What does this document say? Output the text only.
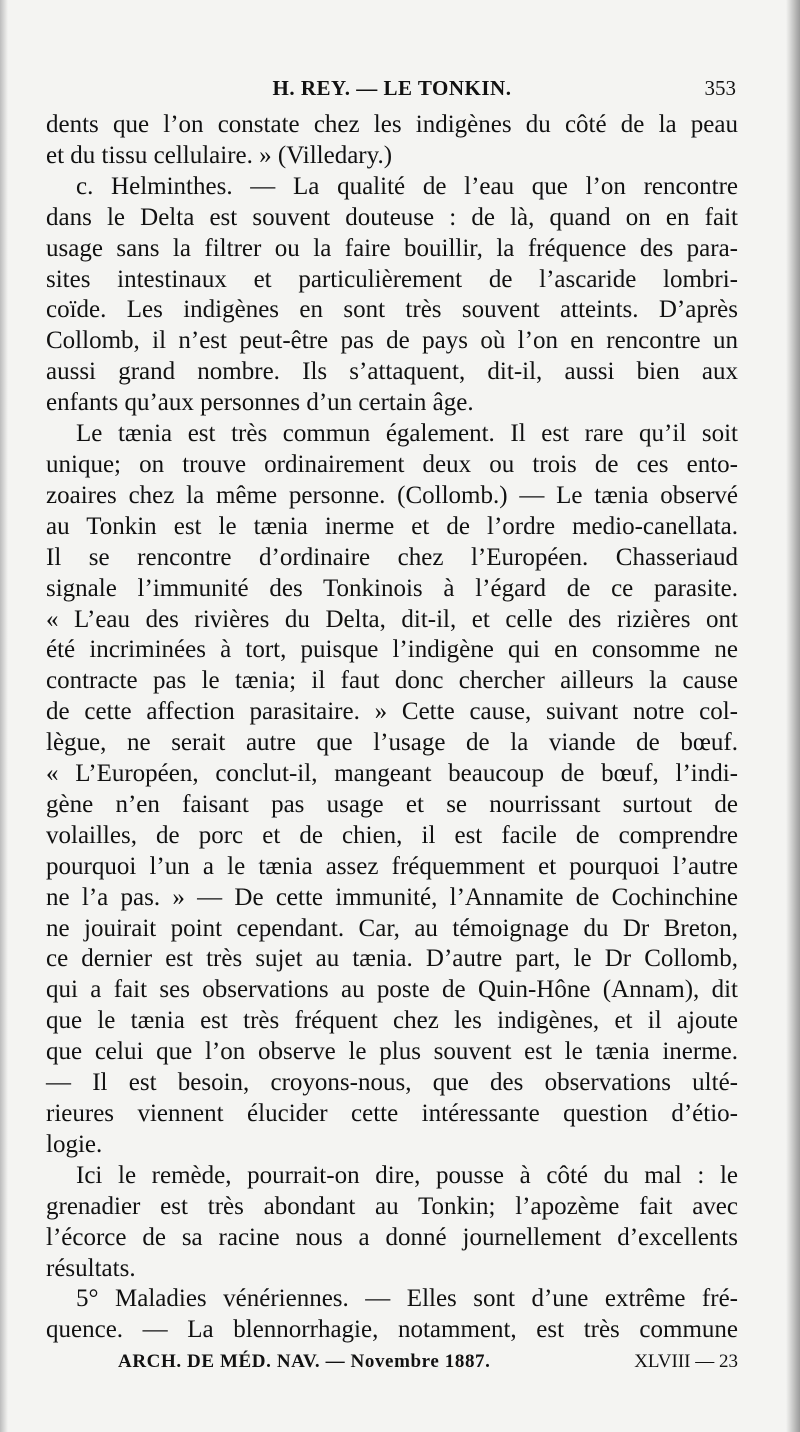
H. REY. — LE TONKIN.	353
dents que l’on constate chez les indigènes du côté de la peau
et du tissu cellulaire. » (Villedary.)
c. Helminthes. — La qualité de l’eau que l’on rencontre
dans le Delta est souvent douteuse : de là, quand on en fait
usage sans la filtrer ou la faire bouillir, la fréquence des para-
sites intestinaux et particulièrement de l’ascaride lombri-
coïde. Les indigènes en sont très souvent atteints. D’après
Collomb, il n’est peut-être pas de pays où l’on en rencontre un
aussi grand nombre. Ils s’attaquent, dit-il, aussi bien aux
enfants qu’aux personnes d’un certain âge.
Le tænia est très commun également. Il est rare qu’il soit
unique; on trouve ordinairement deux ou trois de ces ento-
zoaires chez la même personne. (Collomb.) — Le tænia observé
au Tonkin est le tænia inerme et de l’ordre medio-canellata.
Il se rencontre d’ordinaire chez l’Européen. Chasseriaud
signale l’immunité des Tonkinois à l’égard de ce parasite.
« L’eau des rivières du Delta, dit-il, et celle des rizières ont
été incriminées à tort, puisque l’indigène qui en consomme ne
contracte pas le tænia; il faut donc chercher ailleurs la cause
de cette affection parasitaire. » Cette cause, suivant notre col-
lègue, ne serait autre que l’usage de la viande de bœuf.
« L’Européen, conclut-il, mangeant beaucoup de bœuf, l’indi-
gène n’en faisant pas usage et se nourrissant surtout de
volailles, de porc et de chien, il est facile de comprendre
pourquoi l’un a le tænia assez fréquemment et pourquoi l’autre
ne l’a pas. » — De cette immunité, l’Annamite de Cochinchine
ne jouirait point cependant. Car, au témoignage du Dr Breton,
ce dernier est très sujet au tænia. D’autre part, le Dr Collomb,
qui a fait ses observations au poste de Quin-Hône (Annam), dit
que le tænia est très fréquent chez les indigènes, et il ajoute
que celui que l’on observe le plus souvent est le tænia inerme.
— Il est besoin, croyons-nous, que des observations ulté-
rieures viennent élucider cette intéressante question d’étio-
logie.
Ici le remède, pourrait-on dire, pousse à côté du mal : le
grenadier est très abondant au Tonkin; l’apozème fait avec
l’écorce de sa racine nous a donné journellement d’excellents
résultats.
5° Maladies vénériennes. — Elles sont d’une extrême fré-
quence. — La blennorrhagie, notamment, est très commune
ARCH. DE MÉD. NAV. — Novembre 1887.	XLVIII — 23
